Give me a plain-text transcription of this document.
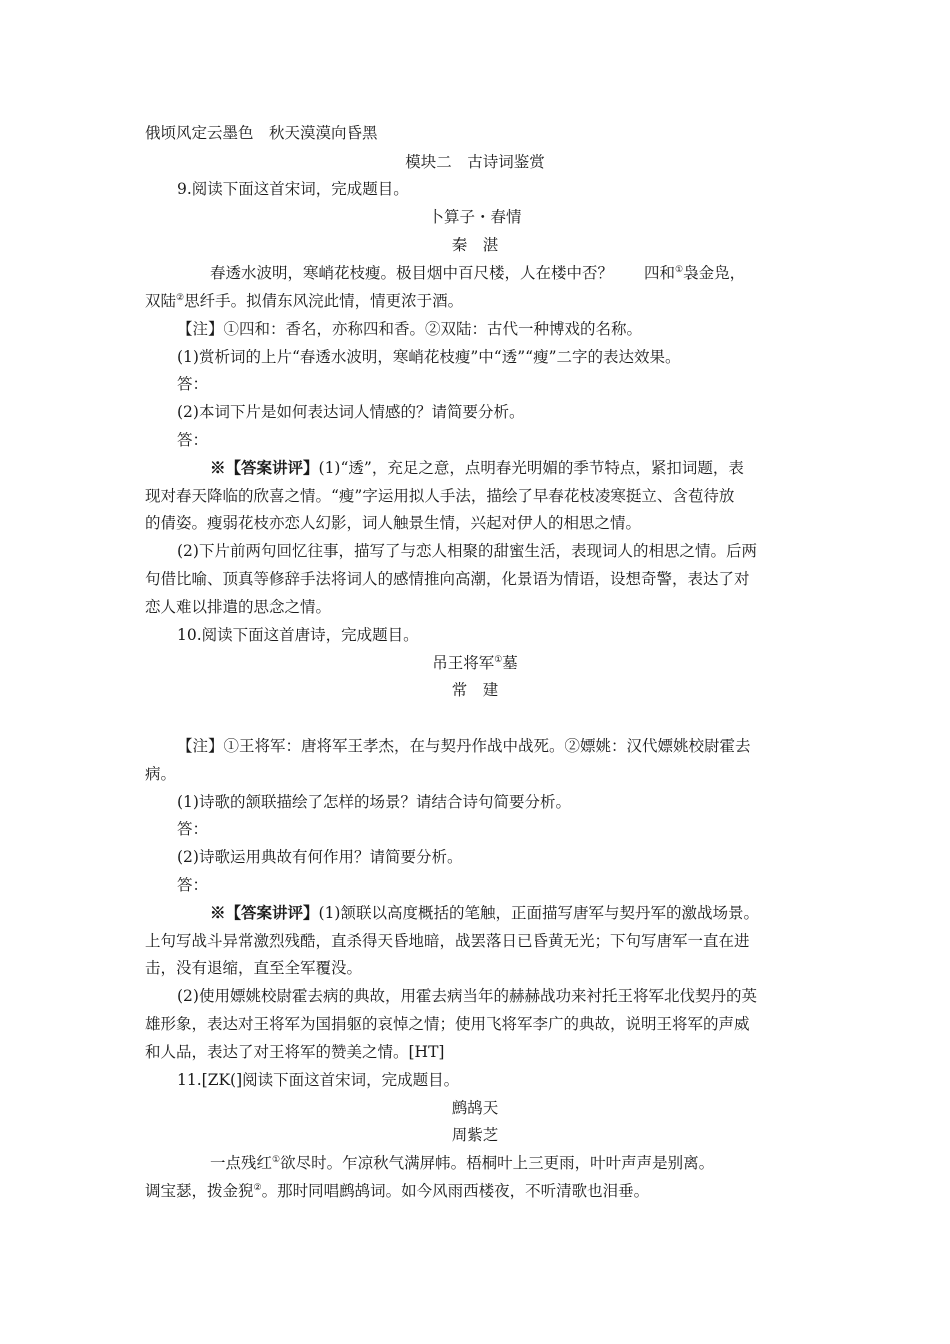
俄顷风定云墨色　秋天漠漠向昏黑
模块二　古诗词鉴赏
9.阅读下面这首宋词，完成题目。
卜算子・春情
秦　湛
春透水波明，寒峭花枝瘦。极目烟中百尺楼，人在楼中否？　　四和①袅金凫，
双陆②思纤手。拟倩东风浣此情，情更浓于酒。
【注】①四和：香名，亦称四和香。②双陆：古代一种博戏的名称。
(1)赏析词的上片“春透水波明，寒峭花枝瘦”中“透”“瘦”二字的表达效果。
答：
(2)本词下片是如何表达词人情感的？请简要分析。
答：
※【答案讲评】(1)“透”，充足之意，点明春光明媚的季节特点，紧扣词题，表
现对春天降临的欣喜之情。“瘦”字运用拟人手法，描绘了早春花枝凌寒挺立、含苞待放
的倩姿。瘦弱花枝亦恋人幻影，词人触景生情，兴起对伊人的相思之情。
(2)下片前两句回忆往事，描写了与恋人相聚的甜蜜生活，表现词人的相思之情。后两
句借比喻、顶真等修辞手法将词人的感情推向高潮，化景语为情语，设想奇警，表达了对
恋人难以排遣的思念之情。
10.阅读下面这首唐诗，完成题目。
吊王将军①墓
常　建
【注】①王将军：唐将军王孝杰，在与契丹作战中战死。②嫖姚：汉代嫖姚校尉霍去
病。
(1)诗歌的颔联描绘了怎样的场景？请结合诗句简要分析。
答：
(2)诗歌运用典故有何作用？请简要分析。
答：
※【答案讲评】(1)颔联以高度概括的笔触，正面描写唐军与契丹军的激战场景。
上句写战斗异常激烈残酷，直杀得天昏地暗，战罢落日已昏黄无光；下句写唐军一直在进
击，没有退缩，直至全军覆没。
(2)使用嫖姚校尉霍去病的典故，用霍去病当年的赫赫战功来衬托王将军北伐契丹的英
雄形象，表达对王将军为国捐躯的哀悼之情；使用飞将军李广的典故，说明王将军的声威
和人品，表达了对王将军的赞美之情。[HT]
11.[ZK(]阅读下面这首宋词，完成题目。
鹧鸪天
周紫芝
一点残红①欲尽时。乍凉秋气满屏帏。梧桐叶上三更雨，叶叶声声是别离。
调宝瑟，拨金猊②。那时同唱鹧鸪词。如今风雨西楼夜，不听清歌也泪垂。
